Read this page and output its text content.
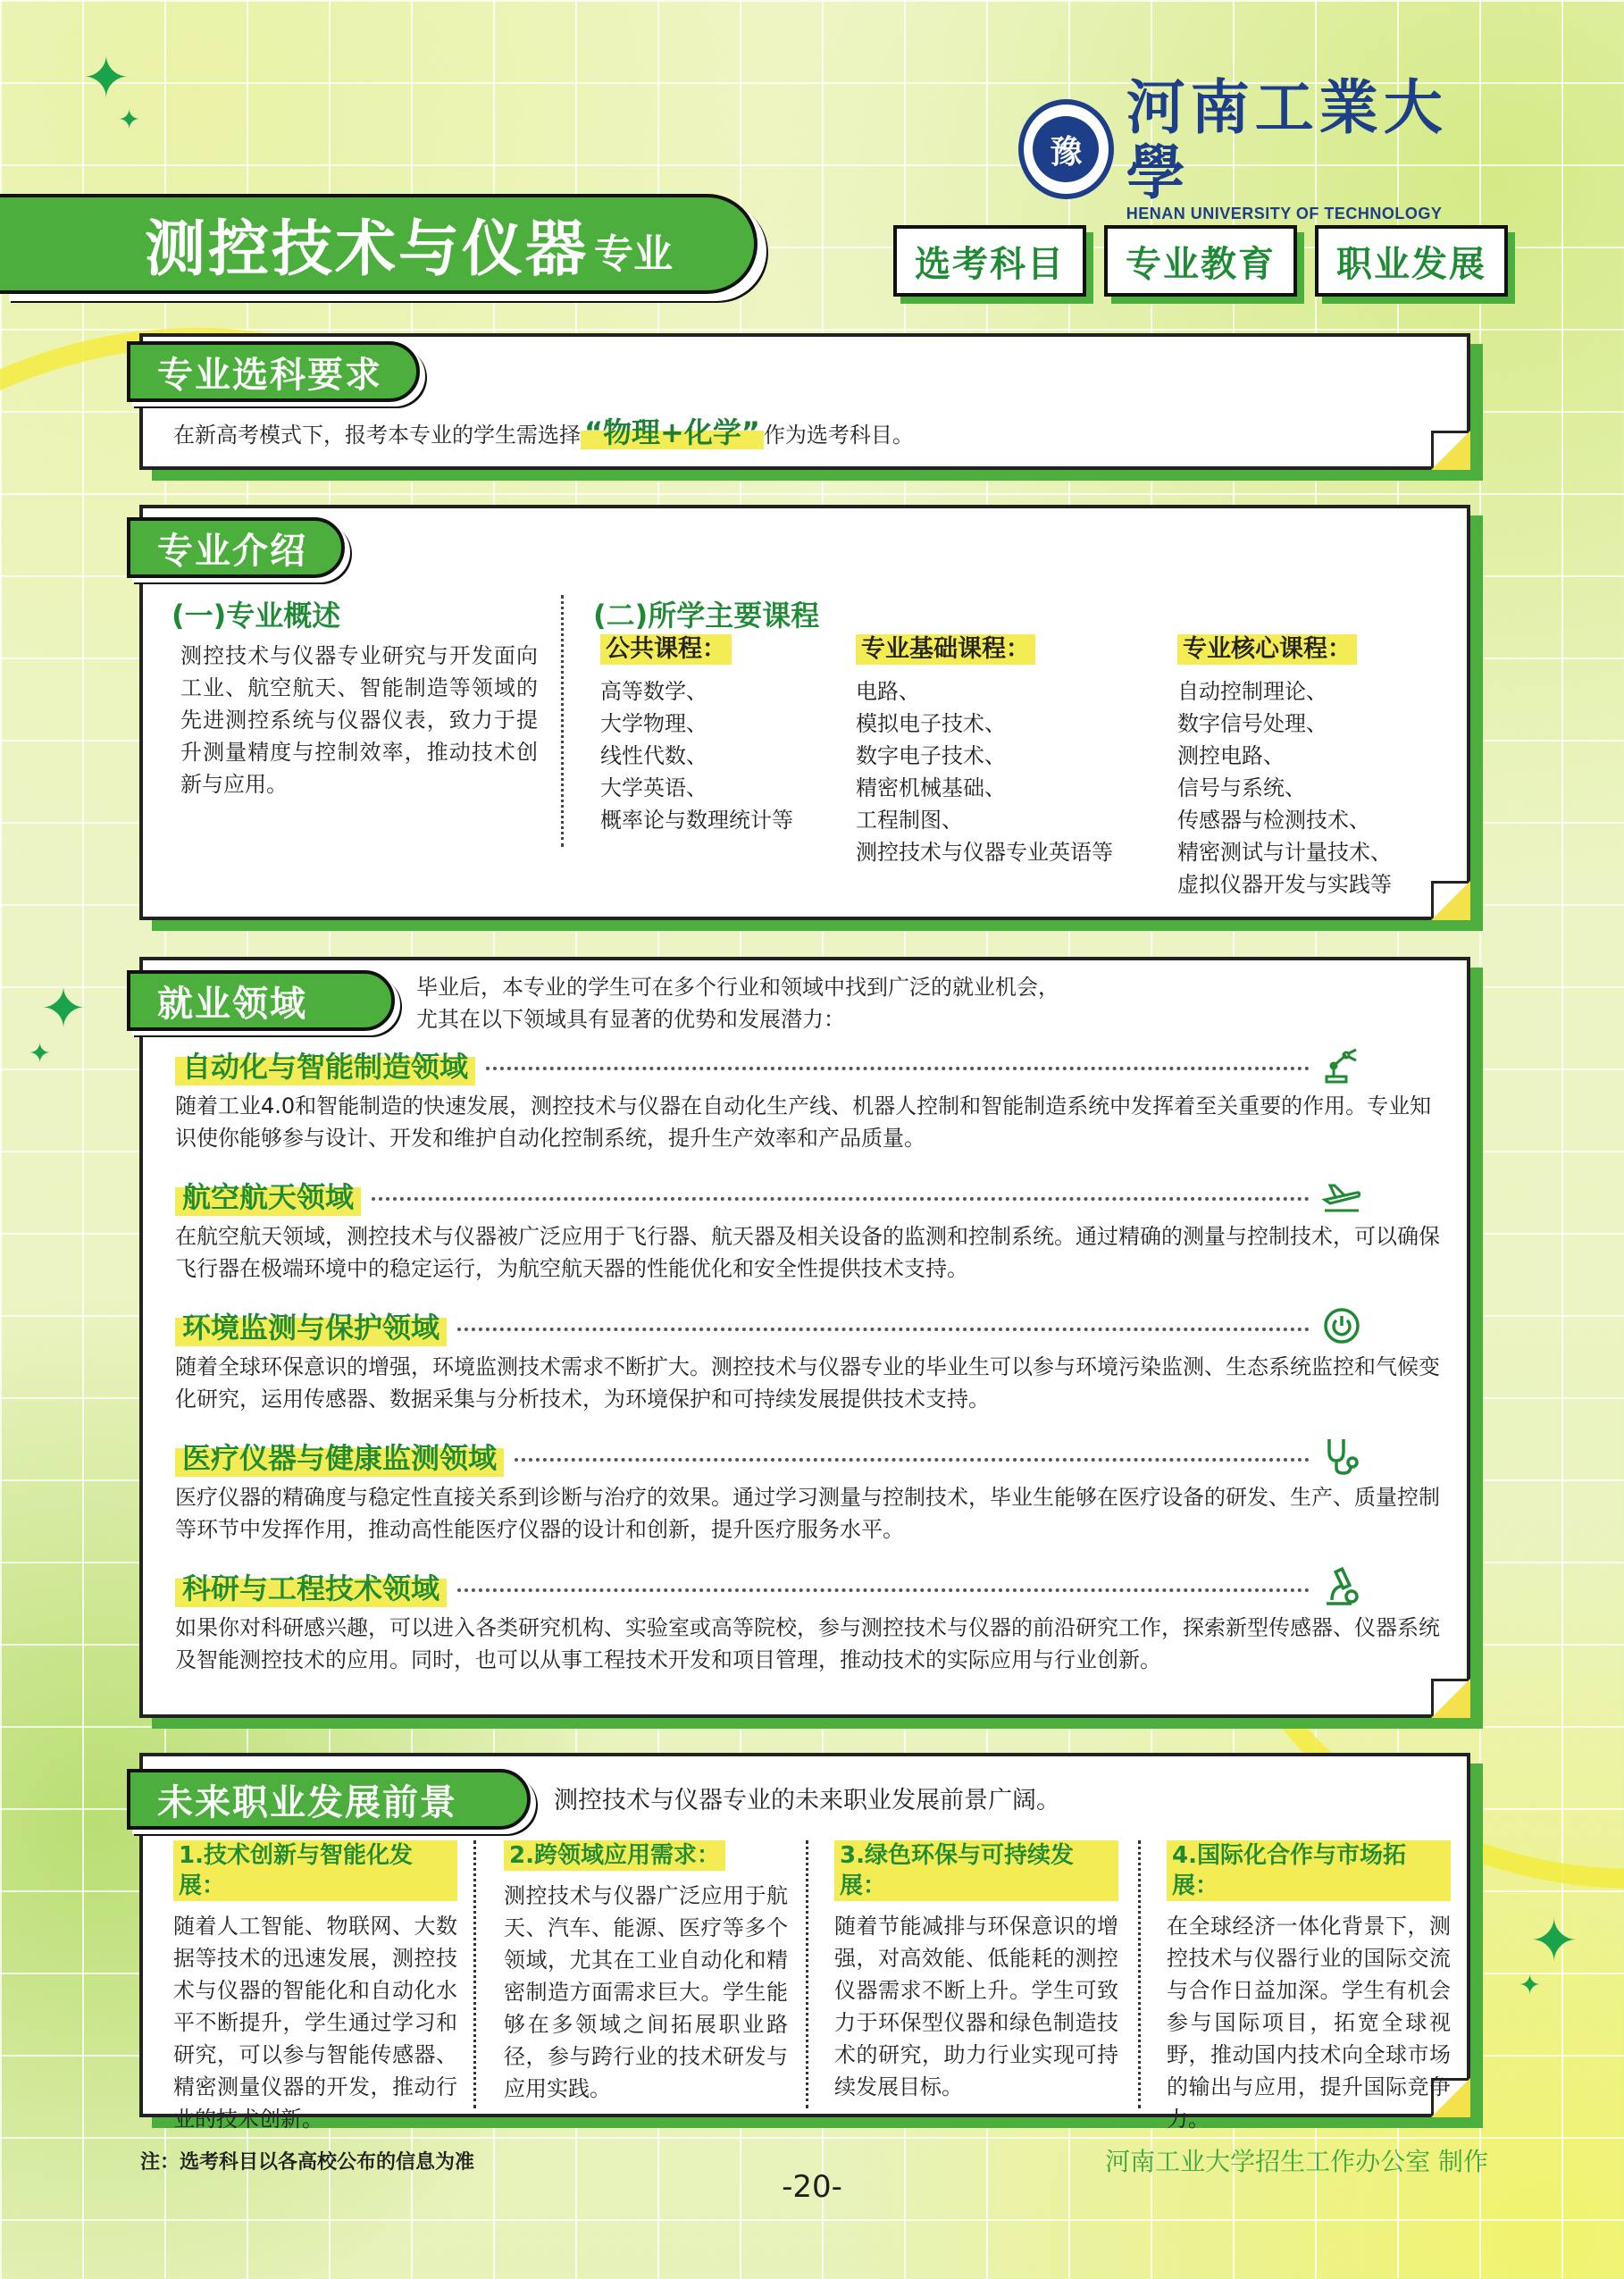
✦
✦
✦
✦
✦
✦
豫
河南工業大學
HENAN UNIVERSITY OF TECHNOLOGY
测控技术与仪器 专业	选考科目	专业教育	职业发展
专业选科要求
在新高考模式下，报考本专业的学生需选择 “物理+化学” 作为选考科目。
专业介绍
(一)专业概述
测控技术与仪器专业研究与开发面向工业、航空航天、智能制造等领域的先进测控系统与仪器仪表，致力于提升测量精度与控制效率，推动技术创新与应用。
(二)所学主要课程
公共课程：
高等数学、
大学物理、
线性代数、
大学英语、
概率论与数理统计等
专业基础课程：
电路、
模拟电子技术、
数字电子技术、
精密机械基础、
工程制图、
测控技术与仪器专业英语等
专业核心课程：
自动控制理论、
数字信号处理、
测控电路、
信号与系统、
传感器与检测技术、
精密测试与计量技术、
虚拟仪器开发与实践等
就业领域	毕业后，本专业的学生可在多个行业和领域中找到广泛的就业机会，
尤其在以下领域具有显著的优势和发展潜力：
自动化与智能制造领域
随着工业4.0和智能制造的快速发展，测控技术与仪器在自动化生产线、机器人控制和智能制造系统中发挥着至关重要的作用。专业知识使你能够参与设计、开发和维护自动化控制系统，提升生产效率和产品质量。
航空航天领域
在航空航天领域，测控技术与仪器被广泛应用于飞行器、航天器及相关设备的监测和控制系统。通过精确的测量与控制技术，可以确保飞行器在极端环境中的稳定运行，为航空航天器的性能优化和安全性提供技术支持。
环境监测与保护领域
随着全球环保意识的增强，环境监测技术需求不断扩大。测控技术与仪器专业的毕业生可以参与环境污染监测、生态系统监控和气候变化研究，运用传感器、数据采集与分析技术，为环境保护和可持续发展提供技术支持。
医疗仪器与健康监测领域
医疗仪器的精确度与稳定性直接关系到诊断与治疗的效果。通过学习测量与控制技术，毕业生能够在医疗设备的研发、生产、质量控制等环节中发挥作用，推动高性能医疗仪器的设计和创新，提升医疗服务水平。
科研与工程技术领域
如果你对科研感兴趣，可以进入各类研究机构、实验室或高等院校，参与测控技术与仪器的前沿研究工作，探索新型传感器、仪器系统及智能测控技术的应用。同时，也可以从事工程技术开发和项目管理，推动技术的实际应用与行业创新。
未来职业发展前景	测控技术与仪器专业的未来职业发展前景广阔。
1.技术创新与智能化发展：
随着人工智能、物联网、大数据等技术的迅速发展，测控技术与仪器的智能化和自动化水平不断提升，学生通过学习和研究，可以参与智能传感器、精密测量仪器的开发，推动行业的技术创新。
2.跨领域应用需求：
测控技术与仪器广泛应用于航天、汽车、能源、医疗等多个领域，尤其在工业自动化和精密制造方面需求巨大。学生能够在多领域之间拓展职业路径，参与跨行业的技术研发与应用实践。
3.绿色环保与可持续发展：
随着节能减排与环保意识的增强，对高效能、低能耗的测控仪器需求不断上升。学生可致力于环保型仪器和绿色制造技术的研究，助力行业实现可持续发展目标。
4.国际化合作与市场拓展：
在全球经济一体化背景下，测控技术与仪器行业的国际交流与合作日益加深。学生有机会参与国际项目，拓宽全球视野，推动国内技术向全球市场的输出与应用，提升国际竞争力。
注：选考科目以各高校公布的信息为准	河南工业大学招生工作办公室 制作
-20-
